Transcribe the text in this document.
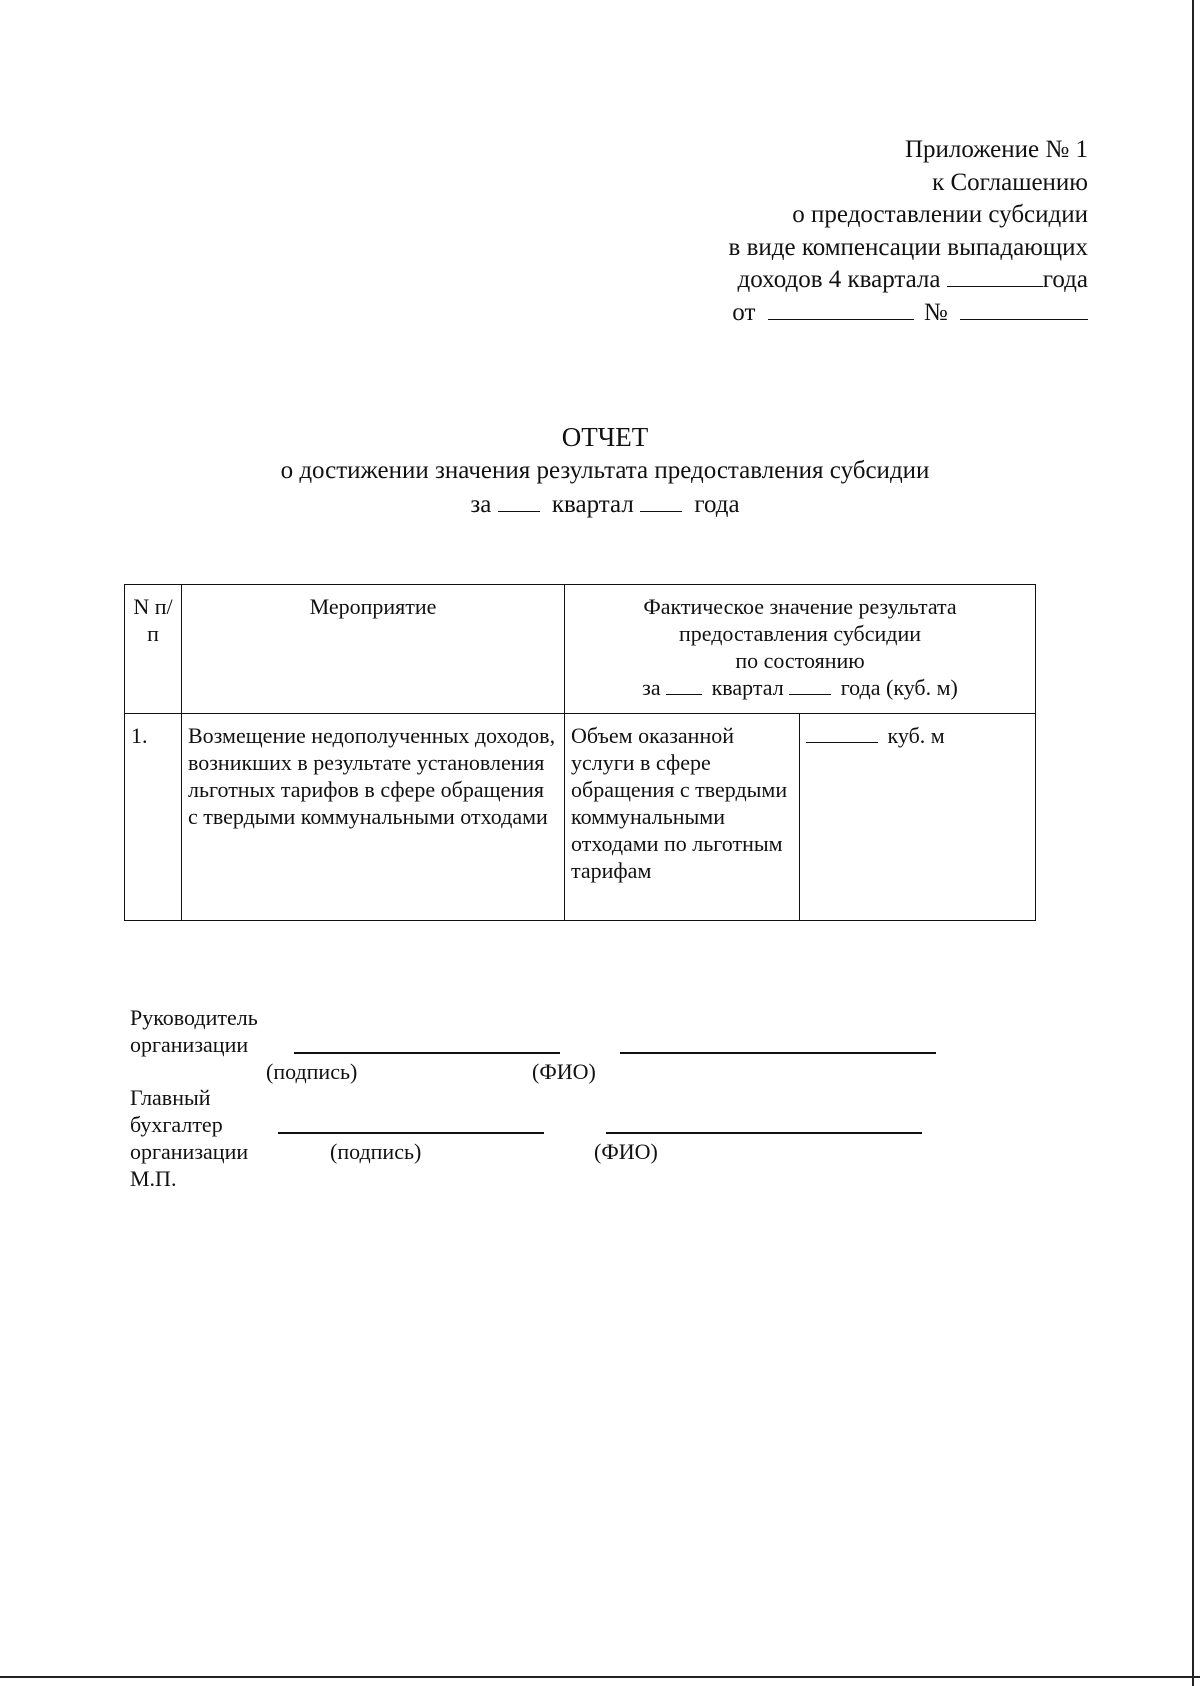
Приложение № 1
к Соглашению
о предоставлении субсидии
в виде компенсации выпадающих
доходов 4 квартала	года
от	№
ОТЧЕТ
о достижении значения результата предоставления субсидии
за квартал года
N п/п	Мероприятие	Фактическое значение результата
предоставления субсидии
по состоянию
за квартал года (куб. м)	

1.	Возмещение недополученных доходов, возникших в результате установления льготных тарифов в сфере обращения с твердыми коммунальными отходами	Объем оказанной услуги в сфере обращения с твердыми коммунальными отходами по льготным тарифам	куб. м
Руководитель
организации
(подпись)	(ФИО)
Главный
бухгалтер
организации	(подпись)	(ФИО)
М.П.
